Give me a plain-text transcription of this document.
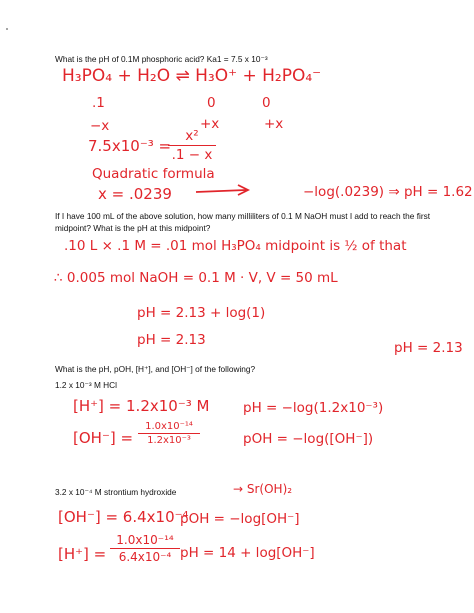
What is the pH of 0.1M phosphoric acid? Ka1 = 7.5 x 10⁻³
If I have 100 mL of the above solution, how many milliliters of 0.1 M NaOH must I add to reach the first
midpoint? What is the pH at this midpoint?
What is the pH, pOH, [H⁺], and [OH⁻] of the following?
1.2 x 10⁻³ M HCl
3.2 x 10⁻⁴ M strontium hydroxide
H₃PO₄ + H₂O ⇌ H₃O⁺ + H₂PO₄⁻
.1	0	0
−x	+x	+x
7.5x10⁻³ =
x²
.1 − x
Quadratic formula
x = .0239	−log(.0239) ⇒ pH = 1.62
.10 L × .1 M = .01 mol H₃PO₄ midpoint is ½ of that
∴ 0.005 mol NaOH = 0.1 M · V, V = 50 mL
pH = 2.13 + log(1)
pH = 2.13	pH = 2.13
[H⁺] = 1.2x10⁻³ M pH = −log(1.2x10⁻³)
[OH⁻] =
1.0x10⁻¹⁴
1.2x10⁻³	pOH = −log([OH⁻])
→ Sr(OH)₂
[OH⁻] = 6.4x10⁻⁴
pOH = −log[OH⁻]
[H⁺] =
1.0x10⁻¹⁴
6.4x10⁻⁴ pH = 14 + log[OH⁻]
